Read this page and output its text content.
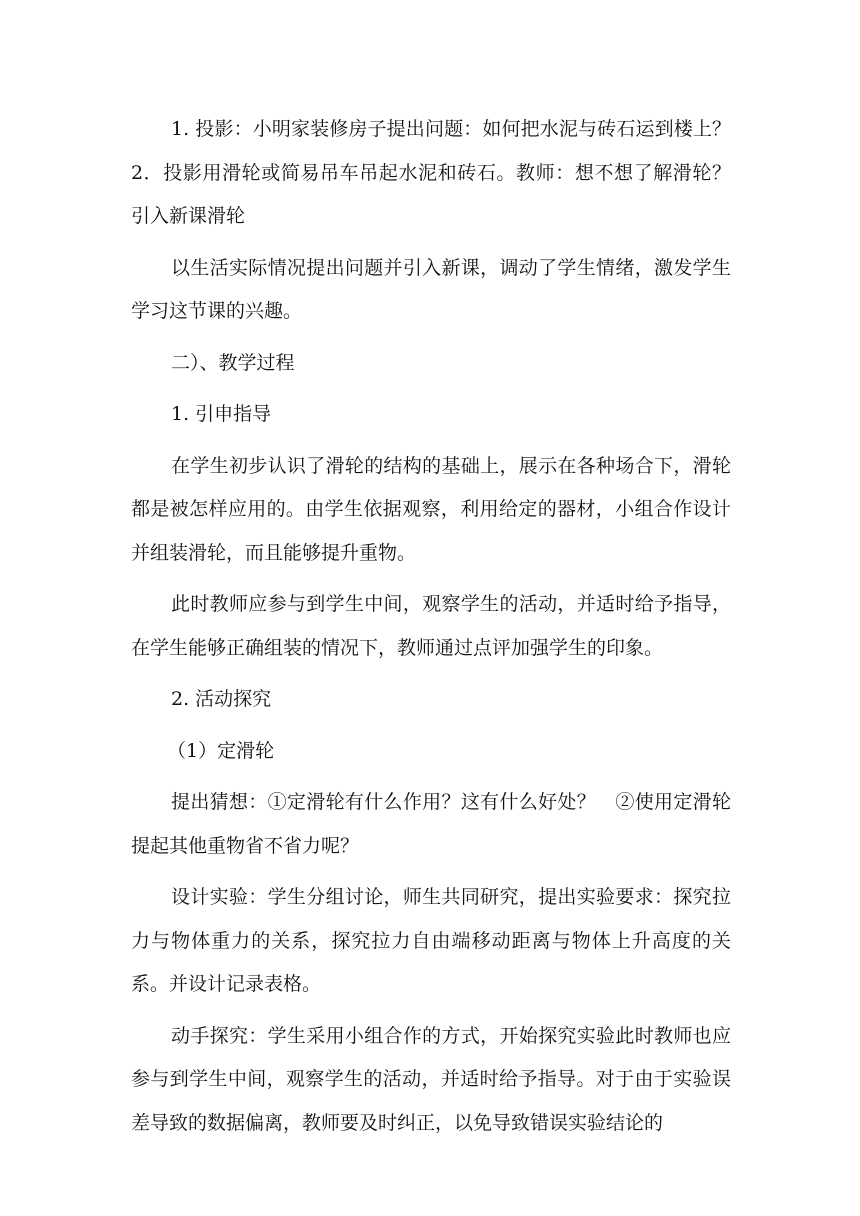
1. 投影：小明家装修房子提出问题：如何把水泥与砖石运到楼上？2．投影用滑轮或简易吊车吊起水泥和砖石。教师：想不想了解滑轮？引入新课滑轮

以生活实际情况提出问题并引入新课，调动了学生情绪，激发学生学习这节课的兴趣。

二）、教学过程

1. 引申指导

在学生初步认识了滑轮的结构的基础上，展示在各种场合下，滑轮都是被怎样应用的。由学生依据观察，利用给定的器材，小组合作设计并组装滑轮，而且能够提升重物。

此时教师应参与到学生中间，观察学生的活动，并适时给予指导，在学生能够正确组装的情况下，教师通过点评加强学生的印象。

2. 活动探究

（1）定滑轮

提出猜想：①定滑轮有什么作用？这有什么好处？　②使用定滑轮提起其他重物省不省力呢？

设计实验：学生分组讨论，师生共同研究，提出实验要求：探究拉力与物体重力的关系，探究拉力自由端移动距离与物体上升高度的关系。并设计记录表格。

动手探究：学生采用小组合作的方式，开始探究实验此时教师也应参与到学生中间，观察学生的活动，并适时给予指导。对于由于实验误差导致的数据偏离，教师要及时纠正，以免导致错误实验结论的
